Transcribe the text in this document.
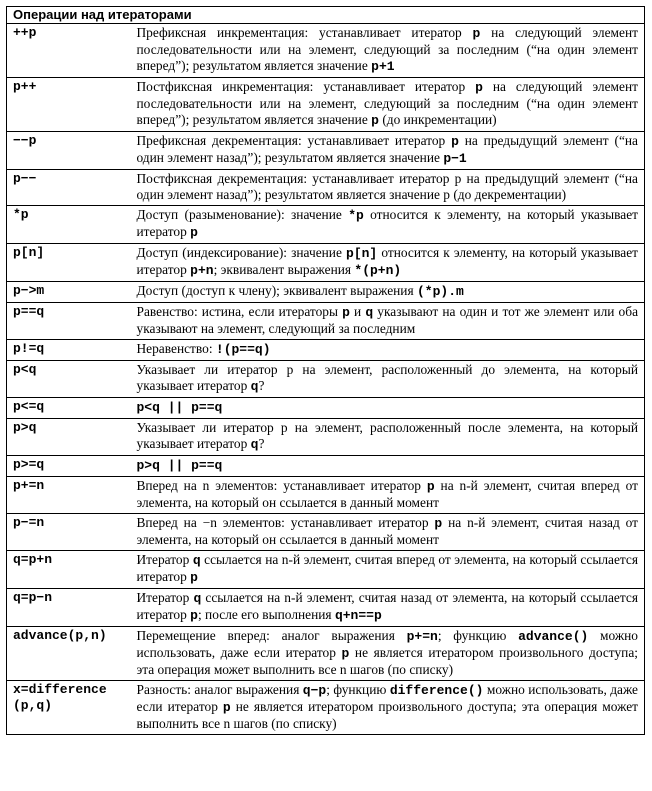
Операции над итераторами	
++p	Префиксная инкрементация: устанавливает итератор p на следующий элемент последовательности или на элемент, следующий за последним (“на один элемент вперед”); результатом является значение p+1
p++	Постфиксная инкрементация: устанавливает итератор p на следующий элемент последовательности или на элемент, следующий за последним (“на один элемент вперед”); результатом является значение p (до инкрементации)
−−p	Префиксная декрементация: устанавливает итератор p на предыдущий элемент (“на один элемент назад”); результатом является значение p−1
p−−	Постфиксная декрементация: устанавливает итератор р на предыдущий элемент (“на один элемент назад”); результатом является значение р (до декрементации)
*p	Доступ (разыменование): значение *p относится к элементу, на который указывает итератор p
p[n]	Доступ (индексирование): значение p[n] относится к элементу, на который указывает итератор p+n; эквивалент выражения *(p+n)
p−>m	Доступ (доступ к члену); эквивалент выражения (*p).m
p==q	Равенство: истина, если итераторы p и q указывают на один и тот же элемент или оба указывают на элемент, следующий за последним
p!=q	Неравенство: !(p==q)
p<q	Указывает ли итератор р на элемент, расположенный до элемента, на который указывает итератор q?
p<=q	p<q || p==q
p>q	Указывает ли итератор р на элемент, расположенный после элемента, на который указывает итератор q?
p>=q	p>q || p==q
p+=n	Вперед на n элементов: устанавливает итератор p на n-й элемент, считая вперед от элемента, на который он ссылается в данный момент
p−=n	Вперед на −n элементов: устанавливает итератор p на n-й элемент, считая назад от элемента, на который он ссылается в данный момент
q=p+n	Итератор q ссылается на n-й элемент, считая вперед от элемента, на который ссылается итератор p
q=p−n	Итератор q ссылается на n-й элемент, считая назад от элемента, на который ссылается итератор p; после его выполнения q+n==p
advance(p,n)	Перемещение вперед: аналог выражения p+=n; функцию advance() можно использовать, даже если итератор p не является итератором произвольного доступа; эта операция может выполнить все n шагов (по списку)
x=difference (p,q)	Разность: аналог выражения q−p; функцию difference() можно использовать, даже если итератор p не является итератором произвольного доступа; эта операция может выполнить все n шагов (по списку)
